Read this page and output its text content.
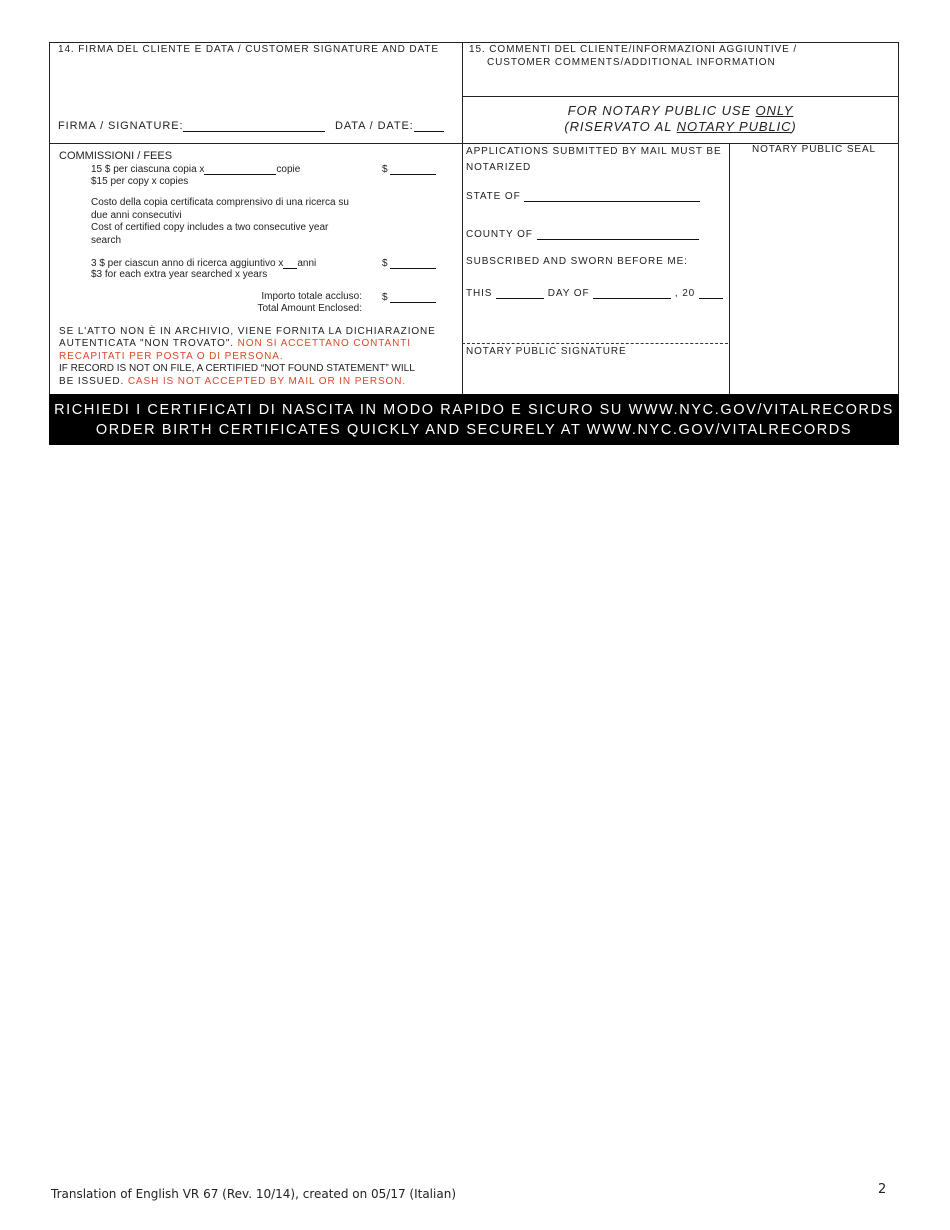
14. FIRMA DEL CLIENTE E DATA / CUSTOMER SIGNATURE AND DATE
FIRMA / SIGNATURE:	DATA / DATE:
15. COMMENTI DEL CLIENTE/INFORMAZIONI AGGIUNTIVE /
CUSTOMER COMMENTS/ADDITIONAL INFORMATION
FOR NOTARY PUBLIC USE ONLY
(RISERVATO AL NOTARY PUBLIC)
COMMISSIONI / FEES
15 $ per ciascuna copia x	copie
$15 per copy x copies
$
Costo della copia certificata comprensivo di una ricerca su
due anni consecutivi
Cost of certified copy includes a two consecutive year
search
3 $ per ciascun anno di ricerca aggiuntivo x anni
$3 for each extra year searched x years
$
Importo totale accluso:
Total Amount Enclosed:
$
SE L'ATTO NON È IN ARCHIVIO, VIENE FORNITA LA DICHIARAZIONE
AUTENTICATA "NON TROVATO". NON SI ACCETTANO CONTANTI
RECAPITATI PER POSTA O DI PERSONA.
IF RECORD IS NOT ON FILE, A CERTIFIED “NOT FOUND STATEMENT” WILL
BE ISSUED. CASH IS NOT ACCEPTED BY MAIL OR IN PERSON.
APPLICATIONS SUBMITTED BY MAIL MUST BE
NOTARIZED
STATE OF
COUNTY OF
SUBSCRIBED AND SWORN BEFORE ME:
THIS	DAY OF	, 20
NOTARY PUBLIC SIGNATURE
NOTARY PUBLIC SEAL
RICHIEDI I CERTIFICATI DI NASCITA IN MODO RAPIDO E SICURO SU WWW.NYC.GOV/VITALRECORDS
ORDER BIRTH CERTIFICATES QUICKLY AND SECURELY AT WWW.NYC.GOV/VITALRECORDS
Translation of English VR 67 (Rev. 10/14), created on 05/17 (Italian)	2
